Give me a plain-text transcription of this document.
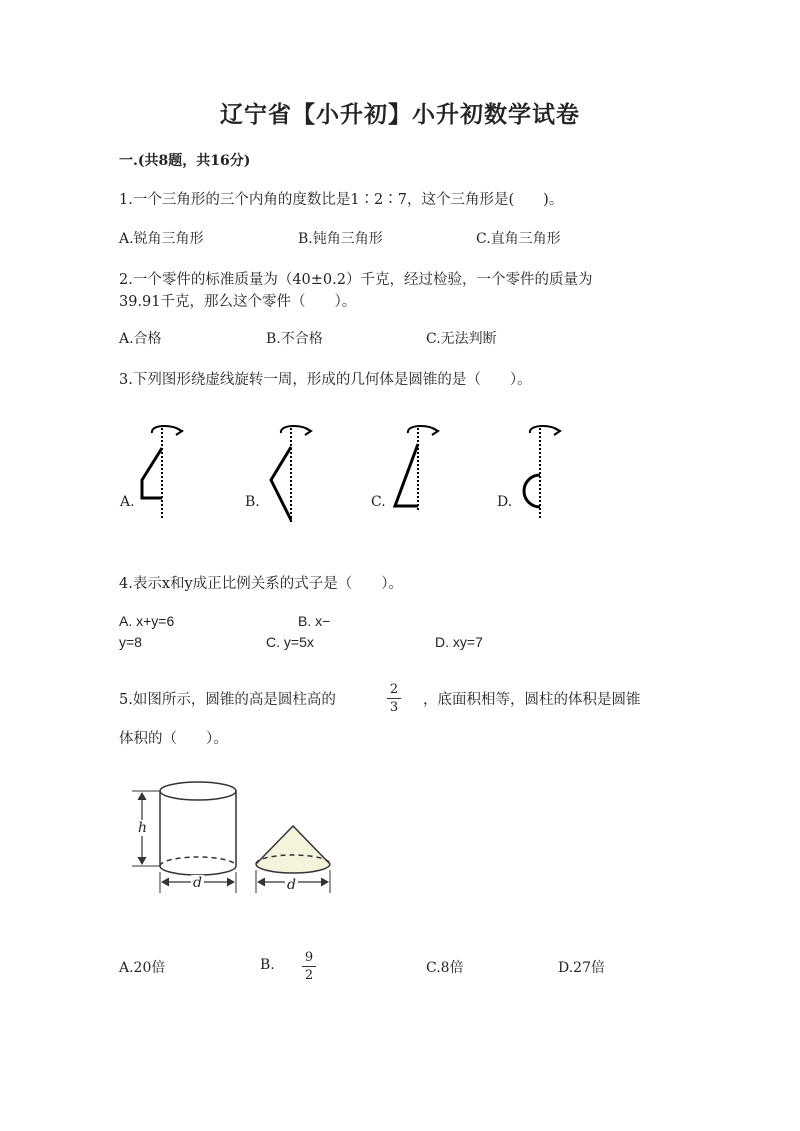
辽宁省【小升初】小升初数学试卷
一.(共8题，共16分)
1.一个三角形的三个内角的度数比是1∶2∶7，这个三角形是(　　)。
A.锐角三角形	B.钝角三角形	C.直角三角形
2.一个零件的标准质量为（40±0.2）千克，经过检验，一个零件的质量为
39.91千克，那么这个零件（　　）。
A.合格	B.不合格	C.无法判断
3.下列图形绕虚线旋转一周，形成的几何体是圆锥的是（　　）。
A.	B.	C.	D.
4.表示x和y成正比例关系的式子是（　　）。
A. x+y=6	B. x−
y=8	C. y=5x	D. xy=7
5.如图所示，圆锥的高是圆柱高的
2
3	，底面积相等，圆柱的体积是圆锥
体积的（　　）。
h
d	d
A.20倍	B.	9
2	C.8倍	D.27倍
